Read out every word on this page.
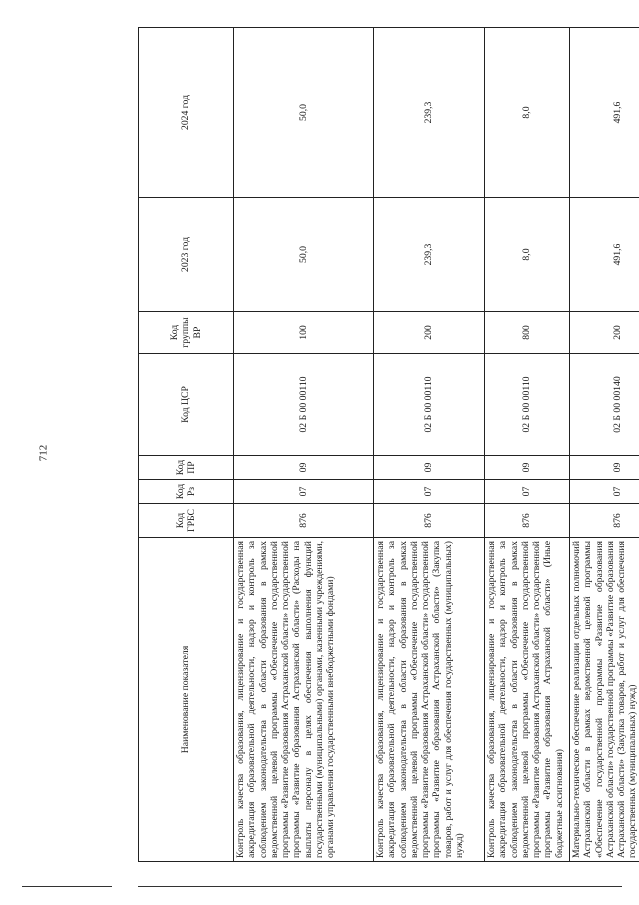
712
Наименование показателя	Код ГРБС	Код Рз	Код ПР	Код ЦСР	Код группы ВР	2023 год	2024 год
Контроль качества образования, лицензирование и государственная аккредитация образовательной деятельности, надзор и контроль за соблюдением законодательства в области образования в рамках ведомственной целевой программы «Обеспечение государственной программы «Развитие образования Астраханской области» государственной программы «Развитие образования Астраханской области» (Расходы на выплаты персоналу в целях обеспечения выполнения функций государственными (муниципальными) органами, казенными учреждениями, органами управления государственными внебюджетными фондами)	876	07	09	02 Б 00 00110	100	50,0	50,0
Контроль качества образования, лицензирование и государственная аккредитация образовательной деятельности, надзор и контроль за соблюдением законодательства в области образования в рамках ведомственной целевой программы «Обеспечение государственной программы «Развитие образования Астраханской области» государственной программы «Развитие образования Астраханской области» (Закупка товаров, работ и услуг для обеспечения государственных (муниципальных) нужд)	876	07	09	02 Б 00 00110	200	239,3	239,3
Контроль качества образования, лицензирование и государственная аккредитация образовательной деятельности, надзор и контроль за соблюдением законодательства в области образования в рамках ведомственной целевой программы «Обеспечение государственной программы «Развитие образования Астраханской области» государственной программы «Развитие образования Астраханской области» (Иные бюджетные ассигнования)	876	07	09	02 Б 00 00110	800	8,0	8,0
Материально-техническое обеспечение реализации отдельных полномочий Астраханской области в рамках ведомственной целевой программы «Обеспечение государственной программы «Развитие образования Астраханской области» государственной программы «Развитие образования Астраханской области» (Закупка товаров, работ и услуг для обеспечения государственных (муниципальных) нужд)	876	07	09	02 Б 00 00140	200	491,6	491,6
